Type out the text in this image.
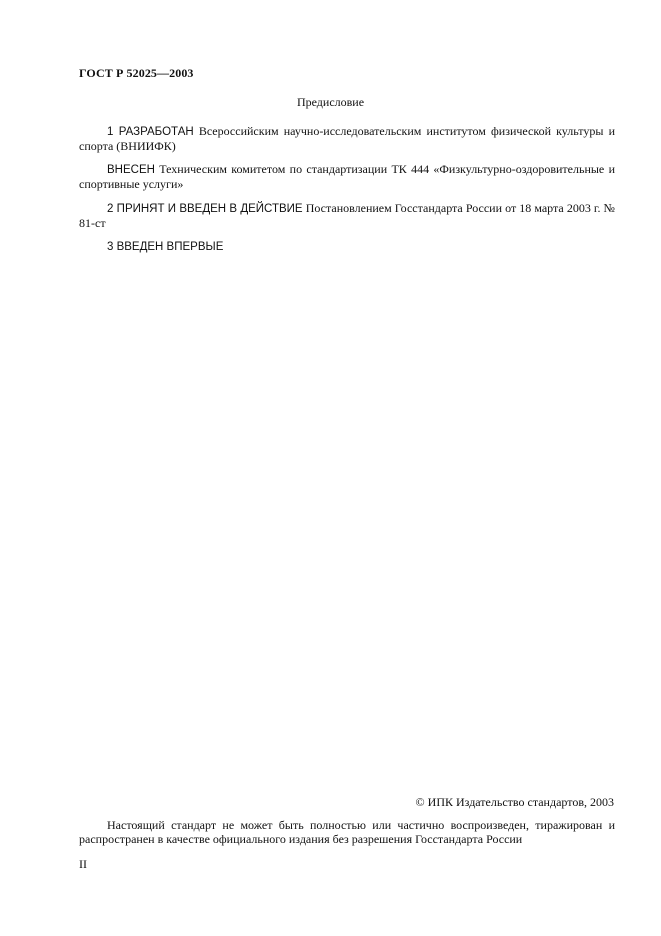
ГОСТ Р 52025—2003
Предисловие

1 РАЗРАБОТАН Всероссийским научно-исследовательским институтом физической культуры и спорта (ВНИИФК)

ВНЕСЕН Техническим комитетом по стандартизации ТК 444 «Физкультурно-оздоровительные и спортивные услуги»

2 ПРИНЯТ И ВВЕДЕН В ДЕЙСТВИЕ Постановлением Госстандарта России от 18 марта 2003 г. № 81-ст

3 ВВЕДЕН ВПЕРВЫЕ

© ИПК Издательство стандартов, 2003

Настоящий стандарт не может быть полностью или частично воспроизведен, тиражирован и распространен в качестве официального издания без разрешения Госстандарта России

II
